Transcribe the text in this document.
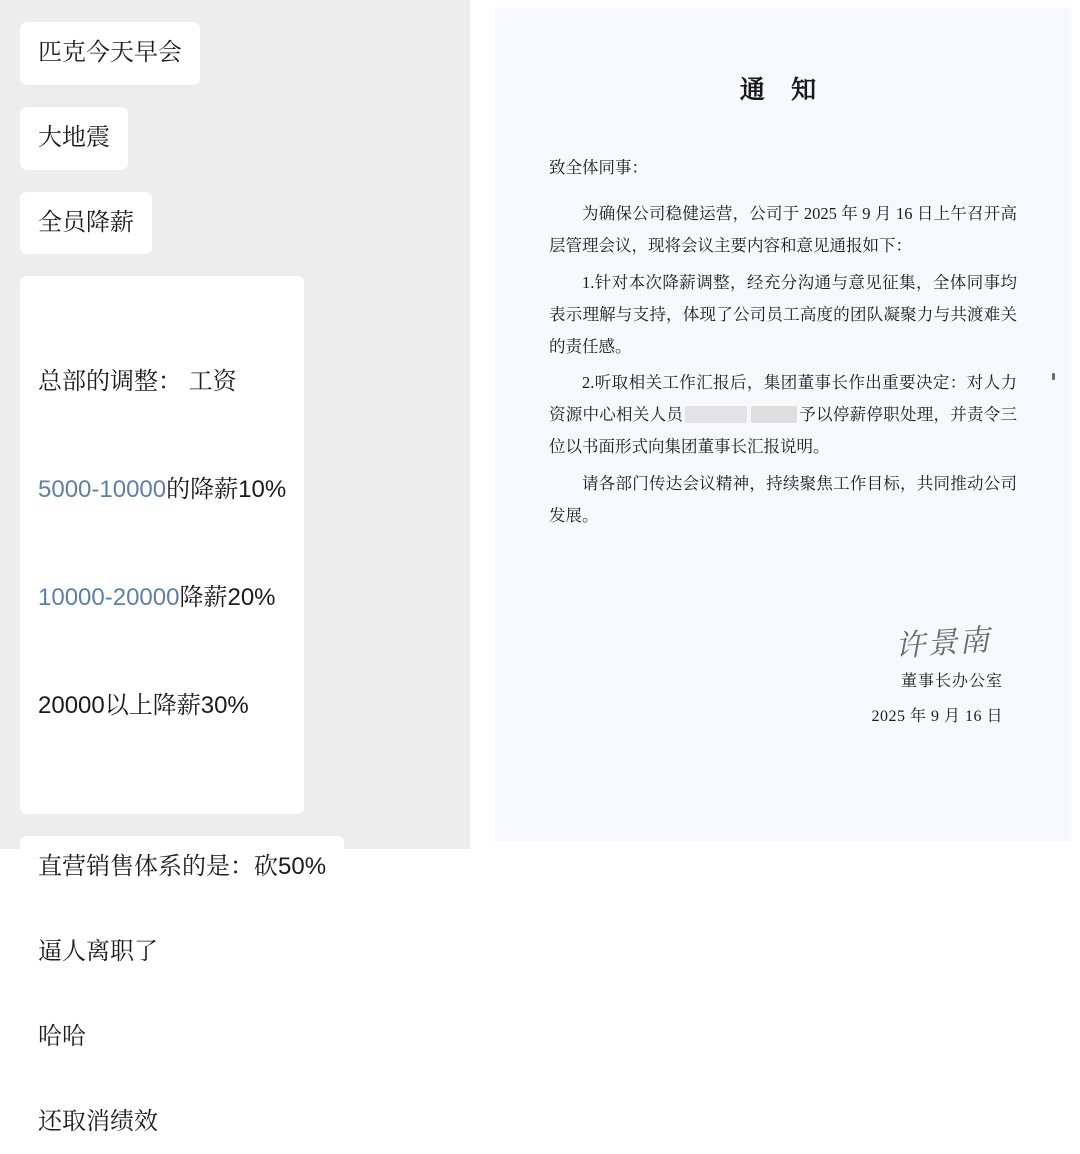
匹克今天早会
大地震
全员降薪

总部的调整： 工资

5000-10000的降薪10%

10000-20000降薪20%

20000以上降薪30%

直营销售体系的是：砍50%
逼人离职了
哈哈
还取消绩效
通 知

致全体同事：

为确保公司稳健运营，公司于 2025 年 9 月 16 日上午召开高层管理会议，现将会议主要内容和意见通报如下：

1.针对本次降薪调整，经充分沟通与意见征集，全体同事均表示理解与支持，体现了公司员工高度的团队凝聚力与共渡难关的责任感。

2.听取相关工作汇报后，集团董事长作出重要决定：对人力资源中心相关人员	予以停薪停职处理，并责令三位以书面形式向集团董事长汇报说明。

请各部门传达会议精神，持续聚焦工作目标，共同推动公司发展。

许景南
董事长办公室
2025 年 9 月 16 日
